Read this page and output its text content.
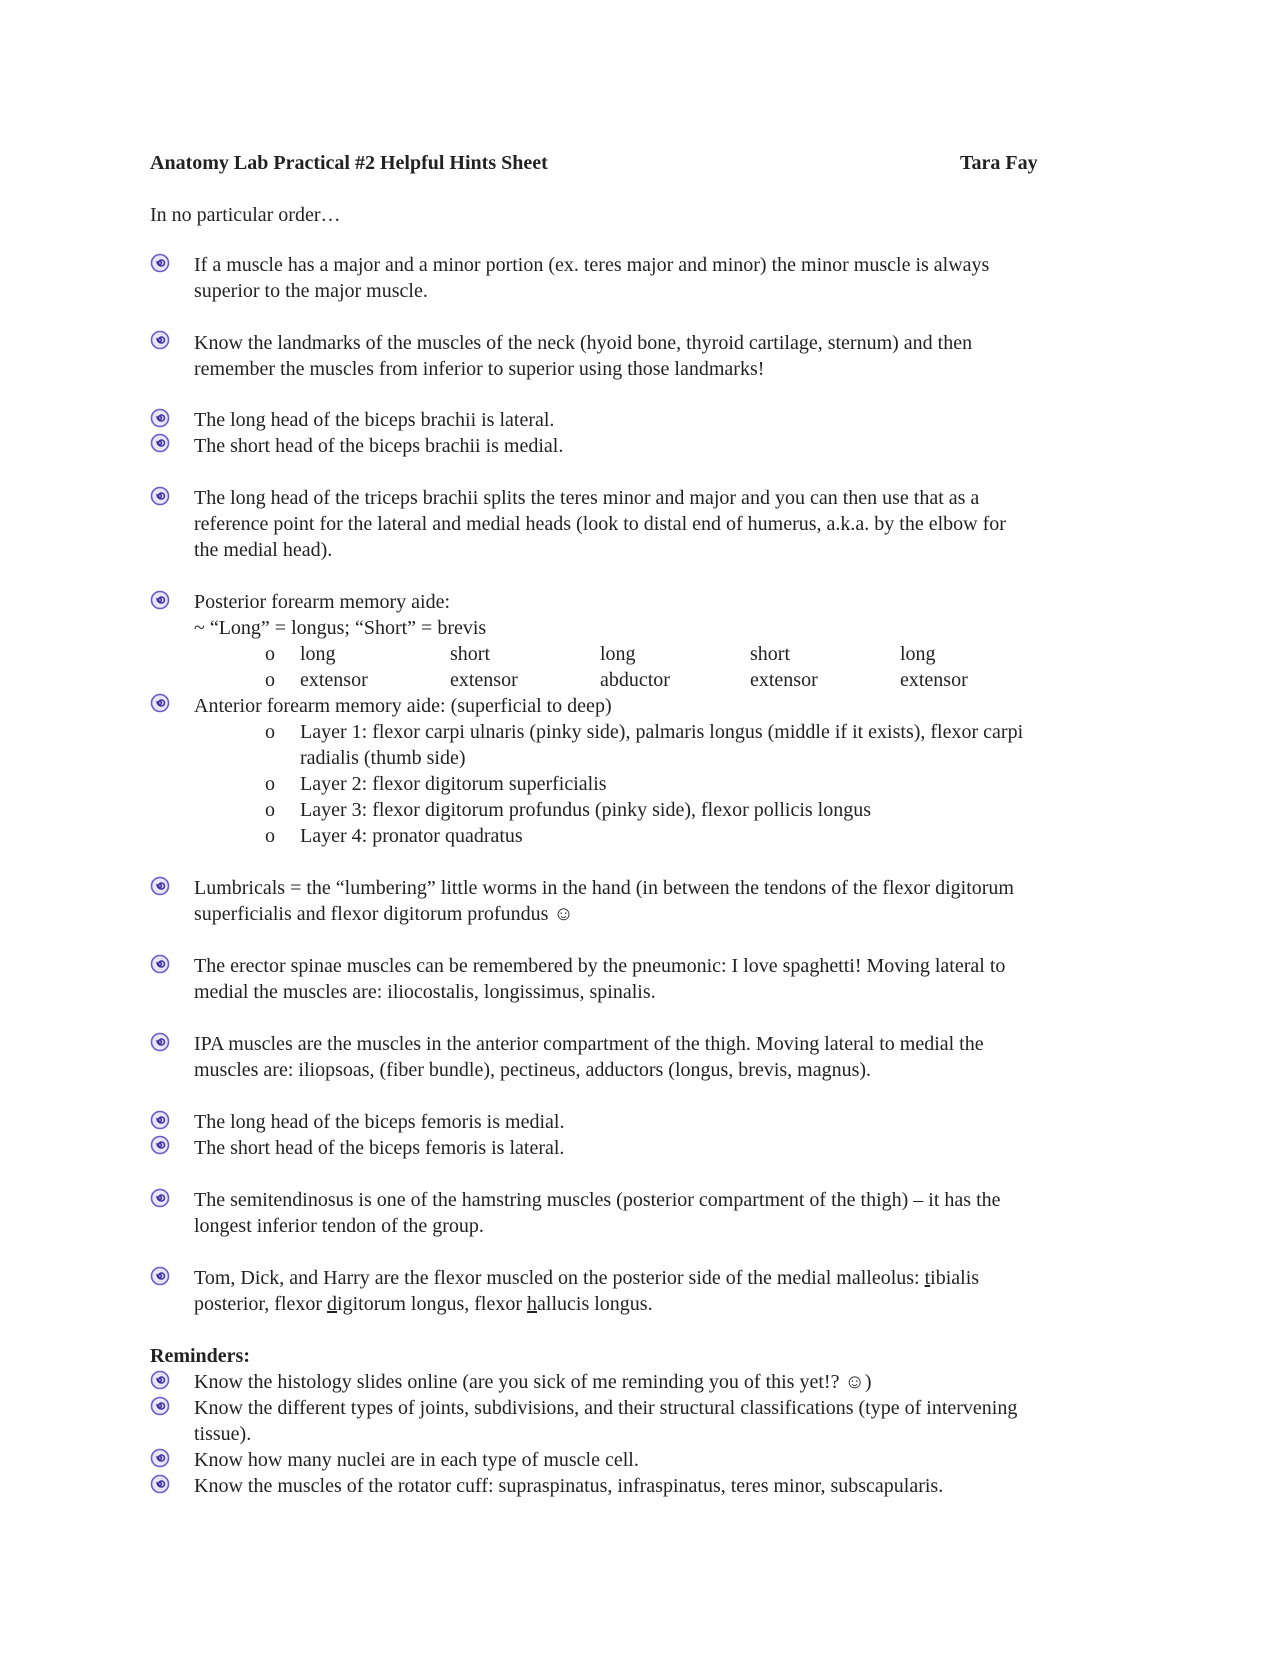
Anatomy Lab Practical #2 Helpful Hints Sheet	Tara Fay
In no particular order…
If a muscle has a major and a minor portion (ex. teres major and minor) the minor muscle is always
superior to the major muscle.
Know the landmarks of the muscles of the neck (hyoid bone, thyroid cartilage, sternum) and then
remember the muscles from inferior to superior using those landmarks!
The long head of the biceps brachii is lateral.
The short head of the biceps brachii is medial.
The long head of the triceps brachii splits the teres minor and major and you can then use that as a
reference point for the lateral and medial heads (look to distal end of humerus, a.k.a. by the elbow for
the medial head).
Posterior forearm memory aide:
~ “Long” = longus; “Short” = brevis
o long	short	long	short	long
o extensor	extensor	abductor	extensor	extensor
Anterior forearm memory aide: (superficial to deep)
o Layer 1: flexor carpi ulnaris (pinky side), palmaris longus (middle if it exists), flexor carpi
radialis (thumb side)
o Layer 2: flexor digitorum superficialis
o Layer 3: flexor digitorum profundus (pinky side), flexor pollicis longus
o Layer 4: pronator quadratus
Lumbricals = the “lumbering” little worms in the hand (in between the tendons of the flexor digitorum
superficialis and flexor digitorum profundus ☺
The erector spinae muscles can be remembered by the pneumonic: I love spaghetti! Moving lateral to
medial the muscles are: iliocostalis, longissimus, spinalis.
IPA muscles are the muscles in the anterior compartment of the thigh. Moving lateral to medial the
muscles are: iliopsoas, (fiber bundle), pectineus, adductors (longus, brevis, magnus).
The long head of the biceps femoris is medial.
The short head of the biceps femoris is lateral.
The semitendinosus is one of the hamstring muscles (posterior compartment of the thigh) – it has the
longest inferior tendon of the group.
Tom, Dick, and Harry are the flexor muscled on the posterior side of the medial malleolus: tibialis
posterior, flexor digitorum longus, flexor hallucis longus.
Reminders:
Know the histology slides online (are you sick of me reminding you of this yet!? ☺)
Know the different types of joints, subdivisions, and their structural classifications (type of intervening
tissue).
Know how many nuclei are in each type of muscle cell.
Know the muscles of the rotator cuff: supraspinatus, infraspinatus, teres minor, subscapularis.
